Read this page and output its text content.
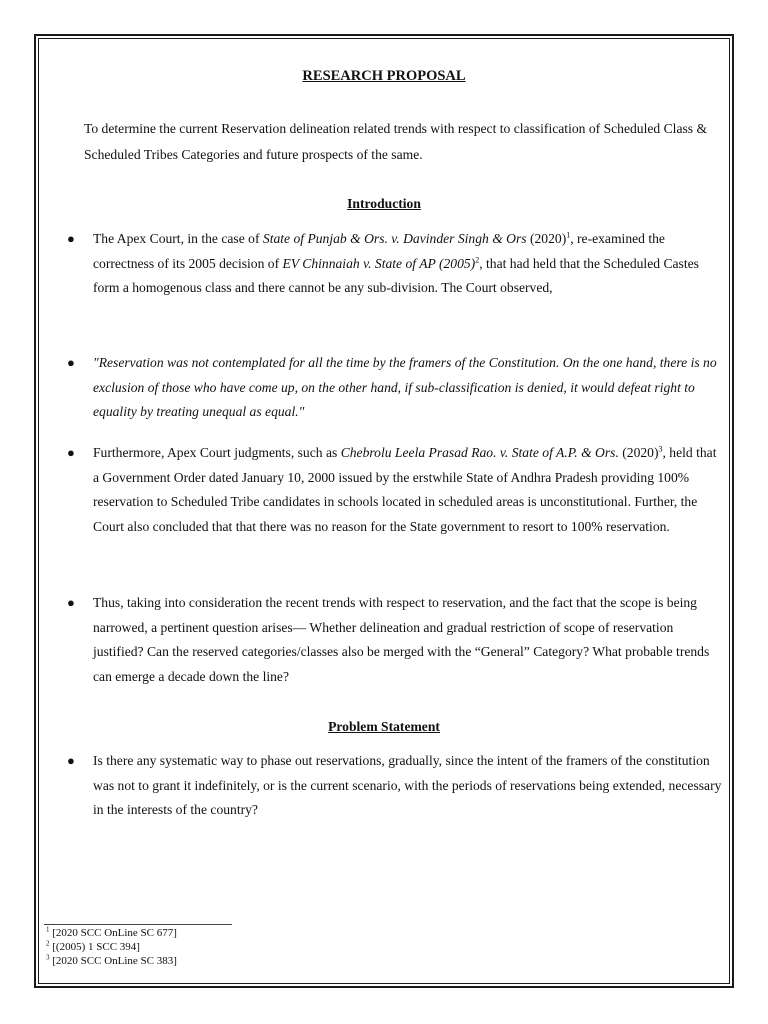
RESEARCH PROPOSAL
To determine the current Reservation delineation related trends with respect to classification of Scheduled Class & Scheduled Tribes Categories and future prospects of the same.
Introduction
● The Apex Court, in the case of State of Punjab & Ors. v. Davinder Singh & Ors $(2020)^1$, re-examined the correctness of its 2005 decision of EV Chinnaiah v. State of AP $(2005)^2$, that had held that the Scheduled Castes form a homogenous class and there cannot be any sub-division. The Court observed,
● "Reservation was not contemplated for all the time by the framers of the Constitution. On the one hand, there is no exclusion of those who have come up, on the other hand, if sub-classification is denied, it would defeat right to equality by treating unequal as equal."
● Furthermore, Apex Court judgments, such as Chebrolu Leela Prasad Rao. v. State of A.P. & Ors. $(2020)^3$, held that a Government Order dated January 10, 2000 issued by the erstwhile State of Andhra Pradesh providing 100% reservation to Scheduled Tribe candidates in schools located in scheduled areas is unconstitutional. Further, the Court also concluded that that there was no reason for the State government to resort to 100% reservation.
● Thus, taking into consideration the recent trends with respect to reservation, and the fact that the scope is being narrowed, a pertinent question arises— Whether delineation and gradual restriction of scope of reservation justified? Can the reserved categories/classes also be merged with the “General” Category? What probable trends can emerge a decade down the line?
Problem Statement
● Is there any systematic way to phase out reservations, gradually, since the intent of the framers of the constitution was not to grant it indefinitely, or is the current scenario, with the periods of reservations being extended, necessary in the interests of the country?
$^1$ [2020 SCC OnLine SC 677]
$^2$ [(2005) 1 SCC 394]
$^3$ [2020 SCC OnLine SC 383]
